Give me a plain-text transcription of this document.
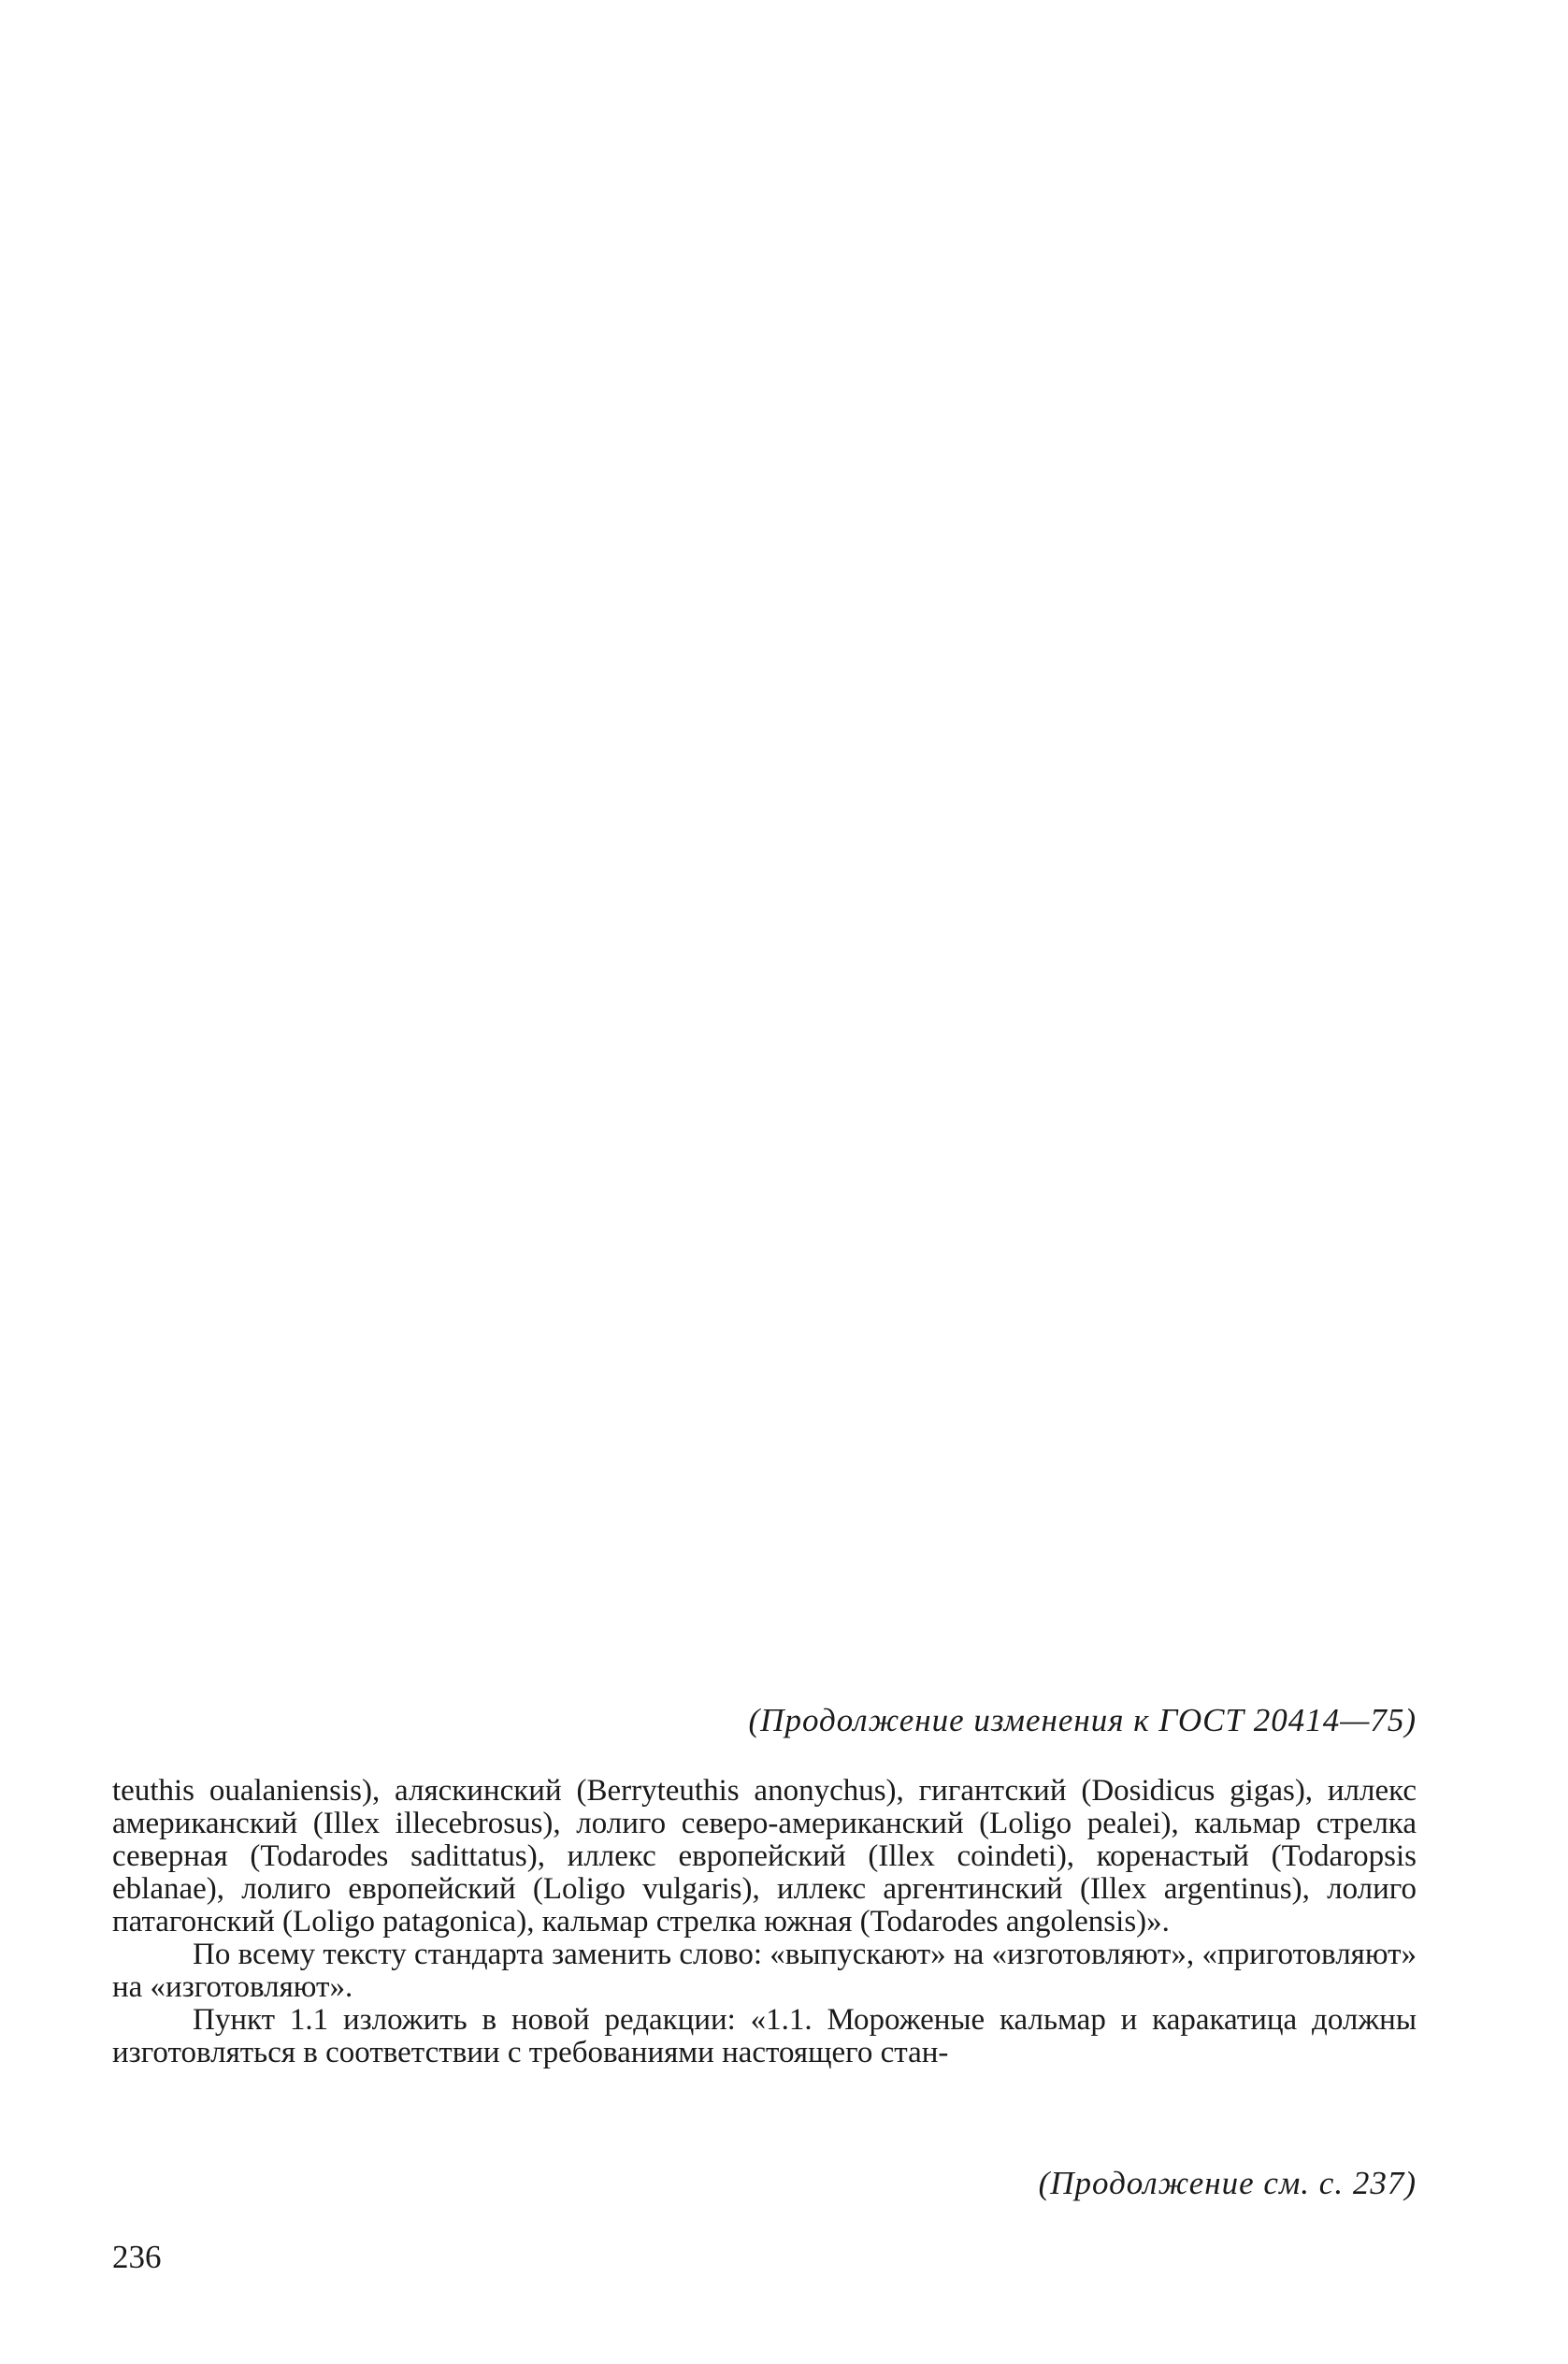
(Продолжение изменения к ГОСТ 20414—75)

teuthis oualaniensis), аляскинский (Berryteuthis anonychus), гигантский (Dosidicus gigas), иллекс американский (Illex illecebrosus), лолиго северо-американский (Loligo pealei), кальмар стрелка северная (Todarodes sadittatus), иллекс европейский (Illex coindeti), коренастый (Todaropsis eblanae), лолиго европейский (Loligo vulgaris), иллекс аргентинский (Illex argentinus), лолиго патагонский (Loligo patagonica), кальмар стрелка южная (Todarodes angolensis)».

По всему тексту стандарта заменить слово: «выпускают» на «изготовляют», «приготовляют» на «изготовляют».

Пункт 1.1 изложить в новой редакции: «1.1. Мороженые кальмар и каракатица должны изготовляться в соответствии с требованиями настоящего стан-

(Продолжение см. с. 237)
236
